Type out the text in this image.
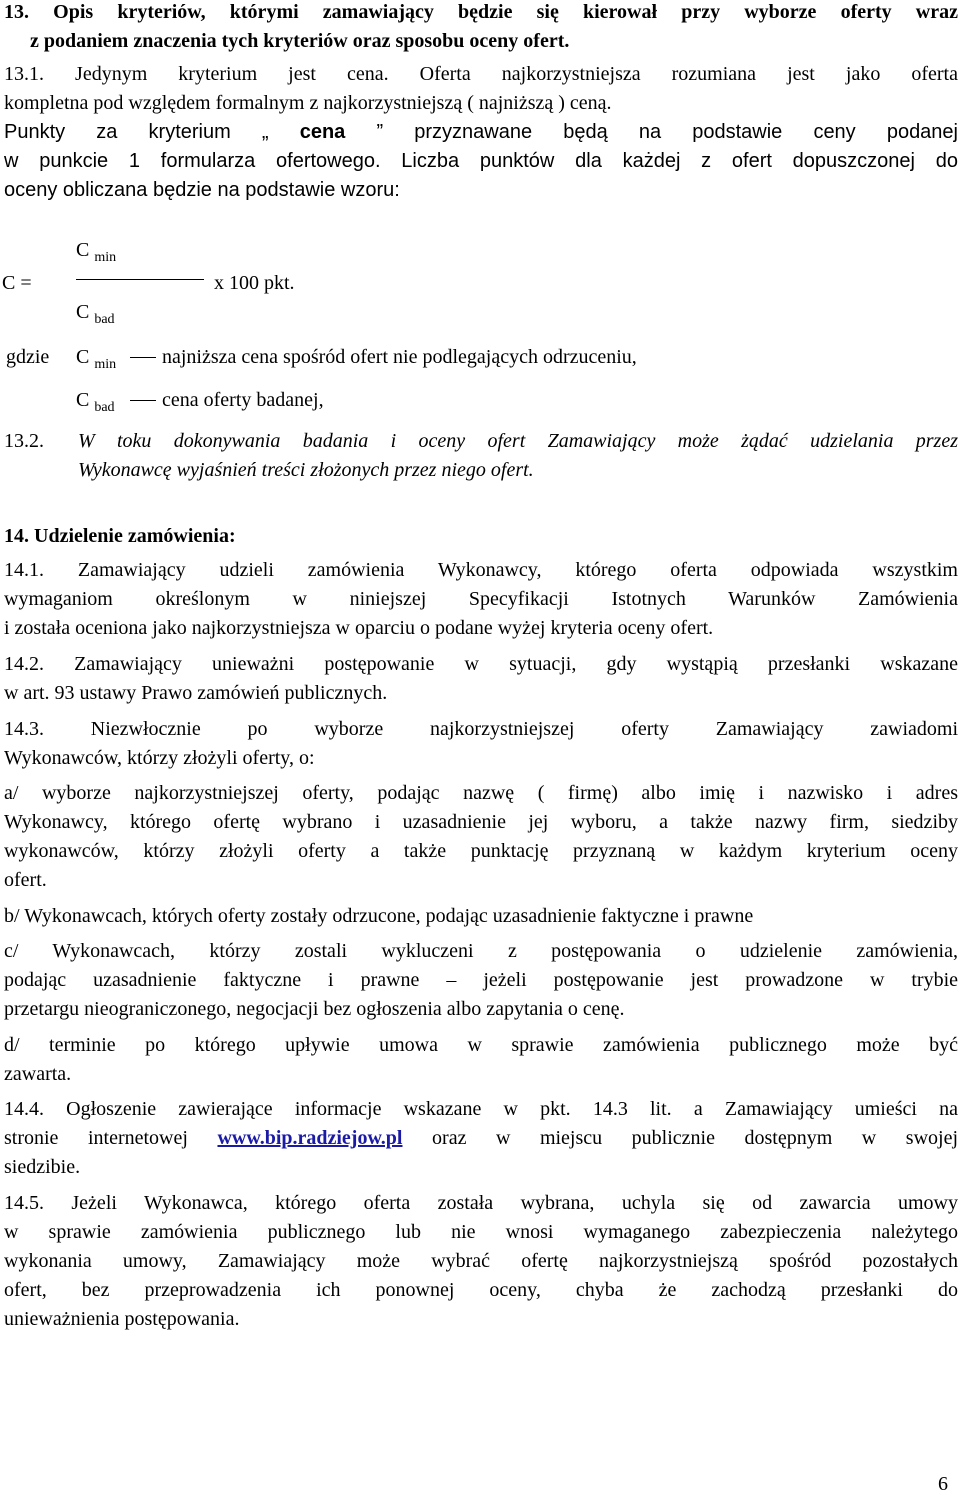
13. Opis kryteriów, którymi zamawiający będzie się kierował przy wyborze oferty wraz
z podaniem znaczenia tych kryteriów oraz sposobu oceny ofert.
13.1. Jedynym kryterium jest cena. Oferta najkorzystniejsza rozumiana jest jako oferta
kompletna pod względem formalnym z najkorzystniejszą ( najniższą ) ceną.
Punkty za kryterium „ cena ” przyznawane będą na podstawie ceny podanej
w punkcie 1 formularza ofertowego. Liczba punktów dla każdej z ofert dopuszczonej do
oceny obliczana będzie na podstawie wzoru:
C $_{min}$
C =	x 100 pkt.
C $_{bad}$
gdzie C $_{min}$ najniższa cena spośród ofert nie podlegających odrzuceniu,
C $_{bad}$ cena oferty badanej,
13.2. W toku dokonywania badania i oceny ofert Zamawiający może żądać udzielania przez
Wykonawcę wyjaśnień treści złożonych przez niego ofert.
14. Udzielenie zamówienia:
14.1. Zamawiający udzieli zamówienia Wykonawcy, którego oferta odpowiada wszystkim
wymaganiom określonym w niniejszej Specyfikacji Istotnych Warunków Zamówienia
i została oceniona jako najkorzystniejsza w oparciu o podane wyżej kryteria oceny ofert.
14.2. Zamawiający unieważni postępowanie w sytuacji, gdy wystąpią przesłanki wskazane
w art. 93 ustawy Prawo zamówień publicznych.
14.3. Niezwłocznie po wyborze najkorzystniejszej oferty Zamawiający zawiadomi
Wykonawców, którzy złożyli oferty, o:
a/ wyborze najkorzystniejszej oferty, podając nazwę ( firmę) albo imię i nazwisko i adres
Wykonawcy, którego ofertę wybrano i uzasadnienie jej wyboru, a także nazwy firm, siedziby
wykonawców, którzy złożyli oferty a także punktację przyznaną w każdym kryterium oceny
ofert.
b/ Wykonawcach, których oferty zostały odrzucone, podając uzasadnienie faktyczne i prawne
c/ Wykonawcach, którzy zostali wykluczeni z postępowania o udzielenie zamówienia,
podając uzasadnienie faktyczne i prawne – jeżeli postępowanie jest prowadzone w trybie
przetargu nieograniczonego, negocjacji bez ogłoszenia albo zapytania o cenę.
d/ terminie po którego upływie umowa w sprawie zamówienia publicznego może być
zawarta.
14.4. Ogłoszenie zawierające informacje wskazane w pkt. 14.3 lit. a Zamawiający umieści na
stronie internetowej www.bip.radziejow.pl oraz w miejscu publicznie dostępnym w swojej
siedzibie.
14.5. Jeżeli Wykonawca, którego oferta została wybrana, uchyla się od zawarcia umowy
w sprawie zamówienia publicznego lub nie wnosi wymaganego zabezpieczenia należytego
wykonania umowy, Zamawiający może wybrać ofertę najkorzystniejszą spośród pozostałych
ofert, bez przeprowadzenia ich ponownej oceny, chyba że zachodzą przesłanki do
unieważnienia postępowania.
6
